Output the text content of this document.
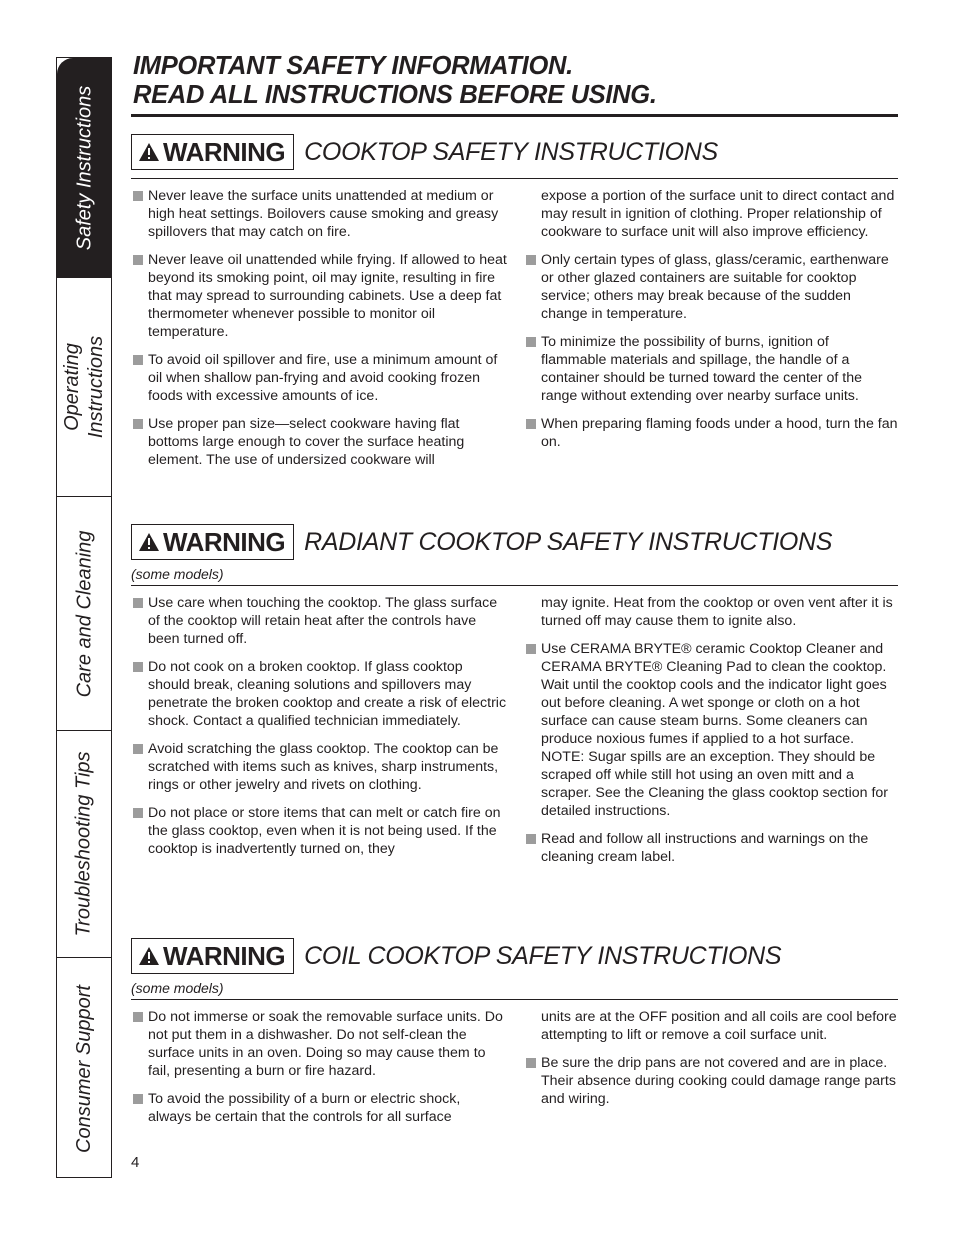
Safety Instructions
Operating Instructions
Care and Cleaning
Troubleshooting Tips
Consumer Support
IMPORTANT SAFETY INFORMATION.
READ ALL INSTRUCTIONS BEFORE USING.
WARNING COOKTOP SAFETY INSTRUCTIONS
Never leave the surface units unattended at medium or high heat settings. Boilovers cause smoking and greasy spillovers that may catch on fire.
Never leave oil unattended while frying. If allowed to heat beyond its smoking point, oil may ignite, resulting in fire that may spread to surrounding cabinets. Use a deep fat thermometer whenever possible to monitor oil temperature.
To avoid oil spillover and fire, use a minimum amount of oil when shallow pan-frying and avoid cooking frozen foods with excessive amounts of ice.
Use proper pan size—select cookware having flat bottoms large enough to cover the surface heating element. The use of undersized cookware will
expose a portion of the surface unit to direct contact and may result in ignition of clothing. Proper relationship of cookware to surface unit will also improve efficiency.
Only certain types of glass, glass/ceramic, earthenware or other glazed containers are suitable for cooktop service; others may break because of the sudden change in temperature.
To minimize the possibility of burns, ignition of flammable materials and spillage, the handle of a container should be turned toward the center of the range without extending over nearby surface units.
When preparing flaming foods under a hood, turn the fan on.
WARNING RADIANT COOKTOP SAFETY INSTRUCTIONS
(some models)
Use care when touching the cooktop. The glass surface of the cooktop will retain heat after the controls have been turned off.
Do not cook on a broken cooktop. If glass cooktop should break, cleaning solutions and spillovers may penetrate the broken cooktop and create a risk of electric shock. Contact a qualified technician immediately.
Avoid scratching the glass cooktop. The cooktop can be scratched with items such as knives, sharp instruments, rings or other jewelry and rivets on clothing.
Do not place or store items that can melt or catch fire on the glass cooktop, even when it is not being used. If the cooktop is inadvertently turned on, they
may ignite. Heat from the cooktop or oven vent after it is turned off may cause them to ignite also.
Use CERAMA BRYTE® ceramic Cooktop Cleaner and CERAMA BRYTE® Cleaning Pad to clean the cooktop. Wait until the cooktop cools and the indicator light goes out before cleaning. A wet sponge or cloth on a hot surface can cause steam burns. Some cleaners can produce noxious fumes if applied to a hot surface. NOTE: Sugar spills are an exception. They should be scraped off while still hot using an oven mitt and a scraper. See the Cleaning the glass cooktop section for detailed instructions.
Read and follow all instructions and warnings on the cleaning cream label.
WARNING COIL COOKTOP SAFETY INSTRUCTIONS
(some models)
Do not immerse or soak the removable surface units. Do not put them in a dishwasher. Do not self-clean the surface units in an oven. Doing so may cause them to fail, presenting a burn or fire hazard.
To avoid the possibility of a burn or electric shock, always be certain that the controls for all surface
units are at the OFF position and all coils are cool before attempting to lift or remove a coil surface unit.
Be sure the drip pans are not covered and are in place. Their absence during cooking could damage range parts and wiring.
4
